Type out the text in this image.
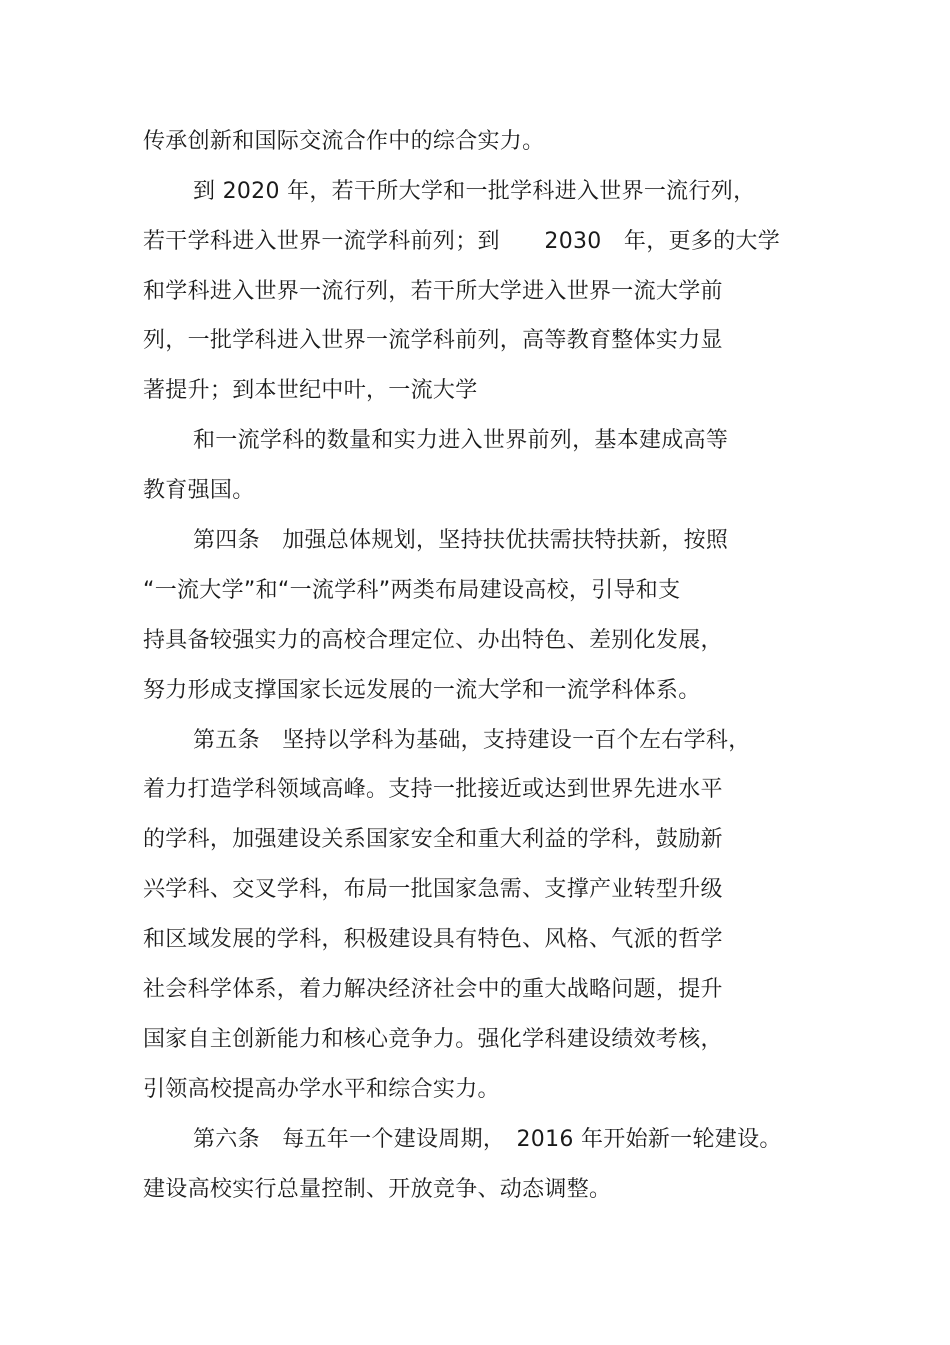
传承创新和国际交流合作中的综合实力。
到 2020 年，若干所大学和一批学科进入世界一流行列，
若干学科进入世界一流学科前列；到　　2030　年，更多的大学
和学科进入世界一流行列，若干所大学进入世界一流大学前
列，一批学科进入世界一流学科前列，高等教育整体实力显
著提升；到本世纪中叶，一流大学
和一流学科的数量和实力进入世界前列，基本建成高等
教育强国。
第四条　加强总体规划，坚持扶优扶需扶特扶新，按照
“一流大学”和“一流学科”两类布局建设高校，引导和支
持具备较强实力的高校合理定位、办出特色、差别化发展，
努力形成支撑国家长远发展的一流大学和一流学科体系。
第五条　坚持以学科为基础，支持建设一百个左右学科，
着力打造学科领域高峰。支持一批接近或达到世界先进水平
的学科，加强建设关系国家安全和重大利益的学科，鼓励新
兴学科、交叉学科，布局一批国家急需、支撑产业转型升级
和区域发展的学科，积极建设具有特色、风格、气派的哲学
社会科学体系，着力解决经济社会中的重大战略问题，提升
国家自主创新能力和核心竞争力。强化学科建设绩效考核，
引领高校提高办学水平和综合实力。
第六条　每五年一个建设周期，　2016 年开始新一轮建设。
建设高校实行总量控制、开放竞争、动态调整。
